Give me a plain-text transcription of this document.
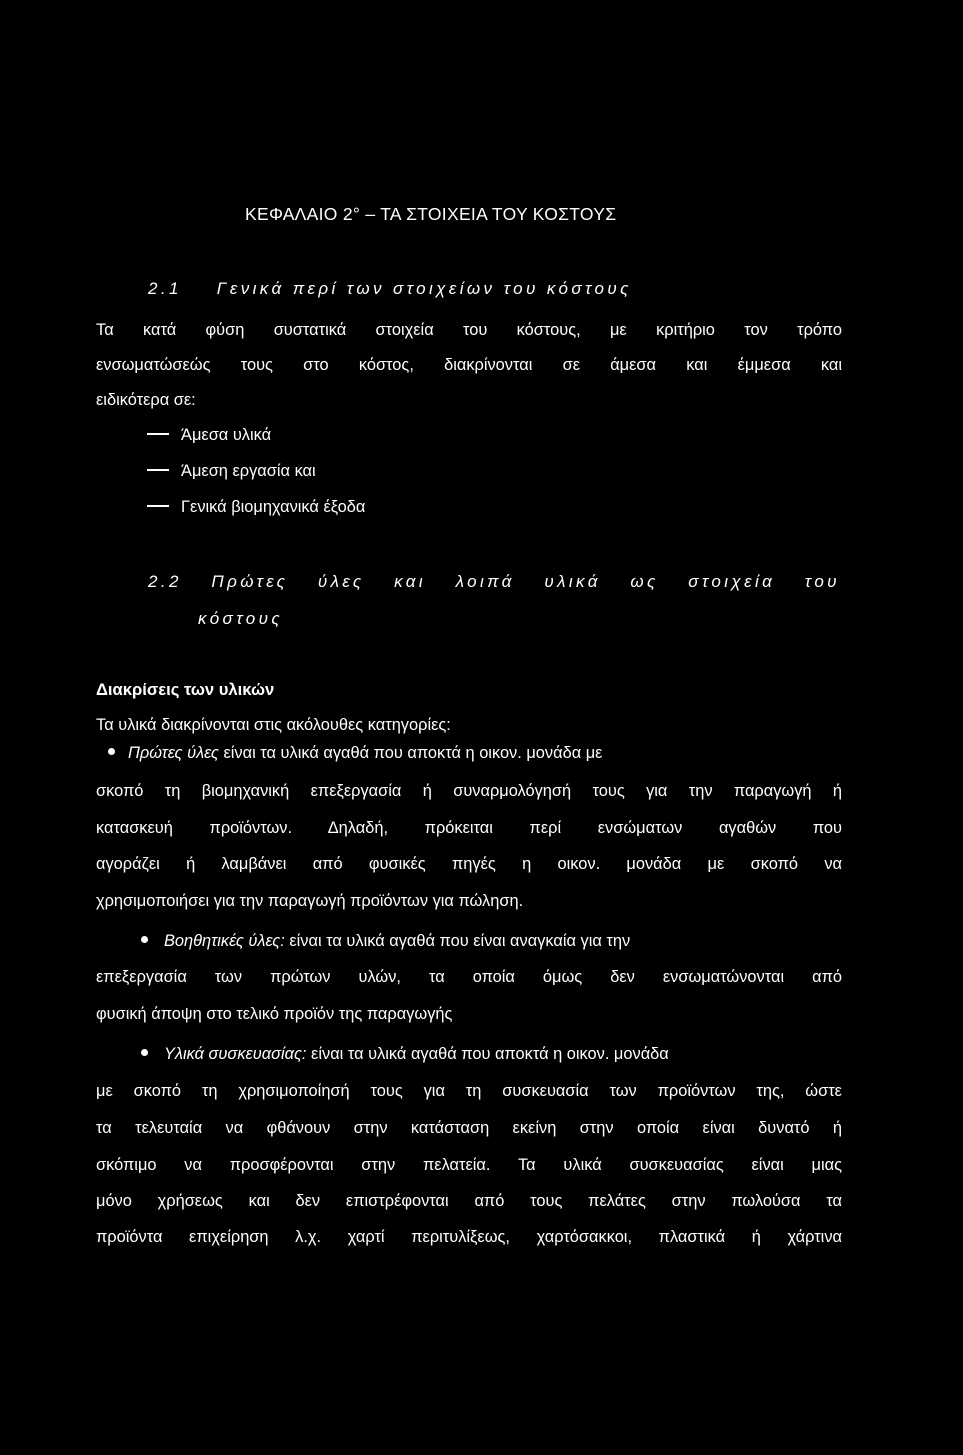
ΚΕΦΑΛΑΙΟ 2° – ΤΑ ΣΤΟΙΧΕΙΑ ΤΟΥ ΚΟΣΤΟΥΣ
2.1 Γενικά περί των στοιχείων του κόστους
Τα κατά φύση συστατικά στοιχεία του κόστους, με κριτήριο τον τρόπο
ενσωματώσεώς τους στο κόστος, διακρίνονται σε άμεσα και έμμεσα και
ειδικότερα σε:
Άμεσα υλικά
Άμεση εργασία και
Γενικά βιομηχανικά έξοδα
2.2 Πρώτες ύλες και λοιπά υλικά ως στοιχεία του
κόστους
Διακρίσεις των υλικών
Τα υλικά διακρίνονται στις ακόλουθες κατηγορίες:
Πρώτες ύλες είναι τα υλικά αγαθά που αποκτά η οικον. μονάδα με
σκοπό τη βιομηχανική επεξεργασία ή συναρμολόγησή τους για την παραγωγή ή
κατασκευή προϊόντων. Δηλαδή, πρόκειται περί ενσώματων αγαθών που
αγοράζει ή λαμβάνει από φυσικές πηγές η οικον. μονάδα με σκοπό να
χρησιμοποιήσει για την παραγωγή προϊόντων για πώληση.
Βοηθητικές ύλες: είναι τα υλικά αγαθά που είναι αναγκαία για την
επεξεργασία των πρώτων υλών, τα οποία όμως δεν ενσωματώνονται από
φυσική άποψη στο τελικό προϊόν της παραγωγής
Υλικά συσκευασίας: είναι τα υλικά αγαθά που αποκτά η οικον. μονάδα
με σκοπό τη χρησιμοποίησή τους για τη συσκευασία των προϊόντων της, ώστε
τα τελευταία να φθάνουν στην κατάσταση εκείνη στην οποία είναι δυνατό ή
σκόπιμο να προσφέρονται στην πελατεία. Τα υλικά συσκευασίας είναι μιας
μόνο χρήσεως και δεν επιστρέφονται από τους πελάτες στην πωλούσα τα
προϊόντα επιχείρηση λ.χ. χαρτί περιτυλίξεως, χαρτόσακκοι, πλαστικά ή χάρτινα
